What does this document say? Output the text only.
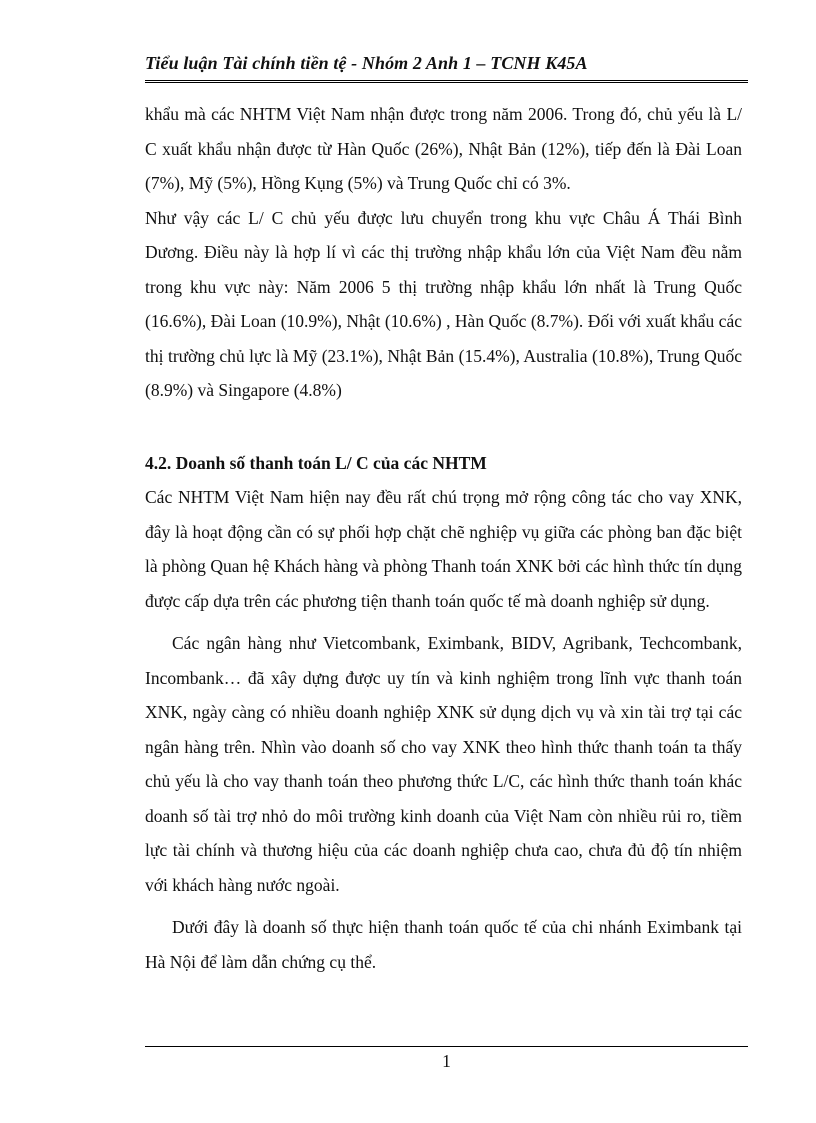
Tiểu luận Tài chính tiền tệ - Nhóm 2 Anh 1 – TCNH K45A

khẩu mà các NHTM Việt Nam nhận được trong năm 2006. Trong đó, chủ yếu là L/ C xuất khẩu nhận được từ Hàn Quốc (26%), Nhật Bản (12%), tiếp đến là Đài Loan (7%), Mỹ (5%), Hồng Kụng (5%) và Trung Quốc chỉ có 3%.

Như vậy các L/ C chủ yếu được lưu chuyển trong khu vực Châu Á Thái Bình Dương. Điều này là hợp lí vì các thị trường nhập khẩu lớn của Việt Nam đều nằm trong khu vực này: Năm 2006 5 thị trường nhập khẩu lớn nhất là Trung Quốc (16.6%), Đài Loan (10.9%), Nhật (10.6%) , Hàn Quốc (8.7%). Đối với xuất khẩu các thị trường chủ lực là Mỹ (23.1%), Nhật Bản (15.4%), Australia (10.8%), Trung Quốc (8.9%) và Singapore (4.8%)

4.2. Doanh số thanh toán L/ C của các NHTM

Các NHTM Việt Nam hiện nay đều rất chú trọng mở rộng công tác cho vay XNK, đây là hoạt động cần có sự phối hợp chặt chẽ nghiệp vụ giữa các phòng ban đặc biệt là phòng Quan hệ Khách hàng và phòng Thanh toán XNK bởi các hình thức tín dụng được cấp dựa trên các phương tiện thanh toán quốc tế mà doanh nghiệp sử dụng.

Các ngân hàng như Vietcombank, Eximbank, BIDV, Agribank, Techcombank, Incombank… đã xây dựng được uy tín và kinh nghiệm trong lĩnh vực thanh toán XNK, ngày càng có nhiều doanh nghiệp XNK sử dụng dịch vụ và xin tài trợ tại các ngân hàng trên. Nhìn vào doanh số cho vay XNK theo hình thức thanh toán ta thấy chủ yếu là cho vay thanh toán theo phương thức L/C, các hình thức thanh toán khác doanh số tài trợ nhỏ do môi trường kinh doanh của Việt Nam còn nhiều rủi ro, tiềm lực tài chính và thương hiệu của các doanh nghiệp chưa cao, chưa đủ độ tín nhiệm với khách hàng nước ngoài.

Dưới đây là doanh số thực hiện thanh toán quốc tế của chi nhánh Eximbank tại Hà Nội để làm dẫn chứng cụ thể.

1
